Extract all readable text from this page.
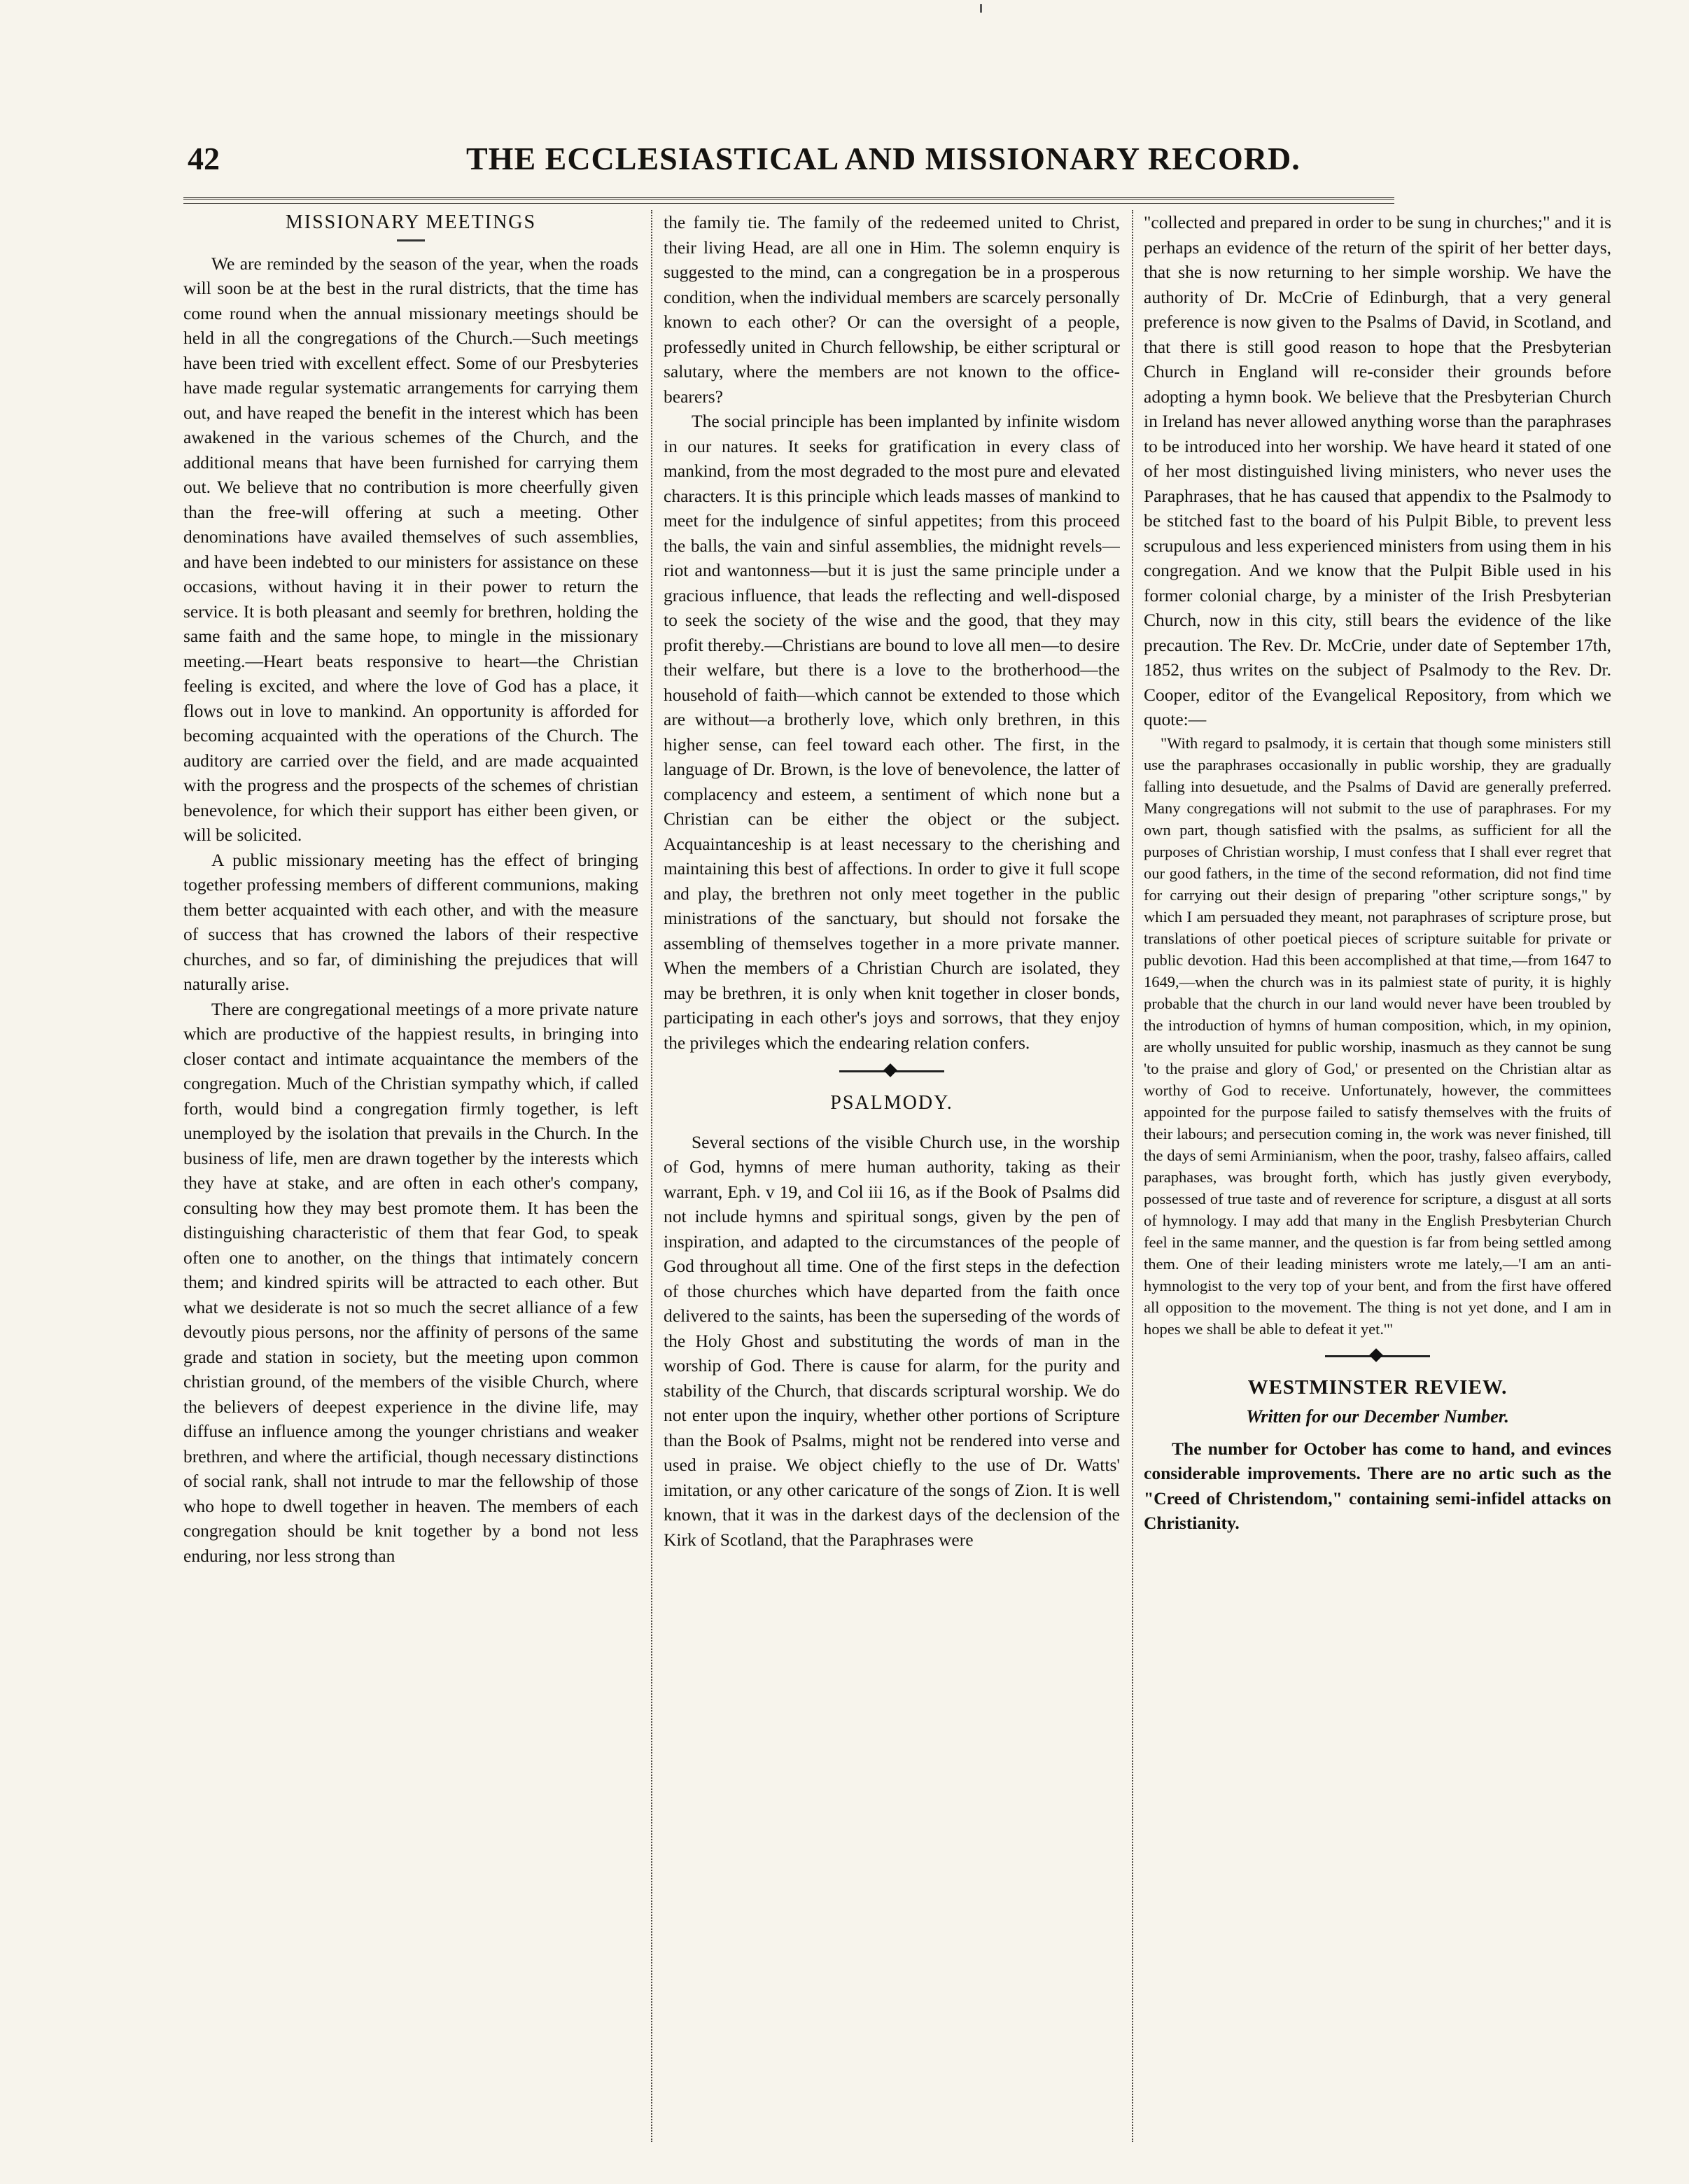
42	THE ECCLESIASTICAL AND MISSIONARY RECORD.
MISSIONARY MEETINGS

We are reminded by the season of the year, when the roads will soon be at the best in the rural districts, that the time has come round when the annual missionary meetings should be held in all the congregations of the Church.—Such meetings have been tried with excellent effect. Some of our Presbyteries have made regular systematic arrangements for carrying them out, and have reaped the benefit in the interest which has been awakened in the various schemes of the Church, and the additional means that have been furnished for carrying them out. We believe that no contribution is more cheerfully given than the free-will offering at such a meeting. Other denominations have availed themselves of such assemblies, and have been indebted to our ministers for assistance on these occasions, without having it in their power to return the service. It is both pleasant and seemly for brethren, holding the same faith and the same hope, to mingle in the missionary meeting.—Heart beats responsive to heart—the Christian feeling is excited, and where the love of God has a place, it flows out in love to mankind. An opportunity is afforded for becoming acquainted with the operations of the Church. The auditory are carried over the field, and are made acquainted with the progress and the prospects of the schemes of christian benevolence, for which their support has either been given, or will be solicited.

A public missionary meeting has the effect of bringing together professing members of different communions, making them better acquainted with each other, and with the measure of success that has crowned the labors of their respective churches, and so far, of diminishing the prejudices that will naturally arise.

There are congregational meetings of a more private nature which are productive of the happiest results, in bringing into closer contact and intimate acquaintance the members of the congregation. Much of the Christian sympathy which, if called forth, would bind a congregation firmly together, is left unemployed by the isolation that prevails in the Church. In the business of life, men are drawn together by the interests which they have at stake, and are often in each other's company, consulting how they may best promote them. It has been the distinguishing characteristic of them that fear God, to speak often one to another, on the things that intimately concern them; and kindred spirits will be attracted to each other. But what we desiderate is not so much the secret alliance of a few devoutly pious persons, nor the affinity of persons of the same grade and station in society, but the meeting upon common christian ground, of the members of the visible Church, where the believers of deepest experience in the divine life, may diffuse an influence among the younger christians and weaker brethren, and where the artificial, though necessary distinctions of social rank, shall not intrude to mar the fellowship of those who hope to dwell together in heaven. The members of each congregation should be knit together by a bond not less enduring, nor less strong than

the family tie. The family of the redeemed united to Christ, their living Head, are all one in Him. The solemn enquiry is suggested to the mind, can a congregation be in a prosperous condition, when the individual members are scarcely personally known to each other? Or can the oversight of a people, professedly united in Church fellowship, be either scriptural or salutary, where the members are not known to the office-bearers?

The social principle has been implanted by infinite wisdom in our natures. It seeks for gratification in every class of mankind, from the most degraded to the most pure and elevated characters. It is this principle which leads masses of mankind to meet for the indulgence of sinful appetites; from this proceed the balls, the vain and sinful assemblies, the midnight revels—riot and wantonness—but it is just the same principle under a gracious influence, that leads the reflecting and well-disposed to seek the society of the wise and the good, that they may profit thereby.—Christians are bound to love all men—to desire their welfare, but there is a love to the brotherhood—the household of faith—which cannot be extended to those which are without—a brotherly love, which only brethren, in this higher sense, can feel toward each other. The first, in the language of Dr. Brown, is the love of benevolence, the latter of complacency and esteem, a sentiment of which none but a Christian can be either the object or the subject. Acquaintanceship is at least necessary to the cherishing and maintaining this best of affections. In order to give it full scope and play, the brethren not only meet together in the public ministrations of the sanctuary, but should not forsake the assembling of themselves together in a more private manner. When the members of a Christian Church are isolated, they may be brethren, it is only when knit together in closer bonds, participating in each other's joys and sorrows, that they enjoy the privileges which the endearing relation confers.

PSALMODY.

Several sections of the visible Church use, in the worship of God, hymns of mere human authority, taking as their warrant, Eph. v 19, and Col iii 16, as if the Book of Psalms did not include hymns and spiritual songs, given by the pen of inspiration, and adapted to the circumstances of the people of God throughout all time. One of the first steps in the defection of those churches which have departed from the faith once delivered to the saints, has been the superseding of the words of the Holy Ghost and substituting the words of man in the worship of God. There is cause for alarm, for the purity and stability of the Church, that discards scriptural worship. We do not enter upon the inquiry, whether other portions of Scripture than the Book of Psalms, might not be rendered into verse and used in praise. We object chiefly to the use of Dr. Watts' imitation, or any other caricature of the songs of Zion. It is well known, that it was in the darkest days of the declension of the Kirk of Scotland, that the Paraphrases were

"collected and prepared in order to be sung in churches;" and it is perhaps an evidence of the return of the spirit of her better days, that she is now returning to her simple worship. We have the authority of Dr. McCrie of Edinburgh, that a very general preference is now given to the Psalms of David, in Scotland, and that there is still good reason to hope that the Presbyterian Church in England will re-consider their grounds before adopting a hymn book. We believe that the Presbyterian Church in Ireland has never allowed anything worse than the paraphrases to be introduced into her worship. We have heard it stated of one of her most distinguished living ministers, who never uses the Paraphrases, that he has caused that appendix to the Psalmody to be stitched fast to the board of his Pulpit Bible, to prevent less scrupulous and less experienced ministers from using them in his congregation. And we know that the Pulpit Bible used in his former colonial charge, by a minister of the Irish Presbyterian Church, now in this city, still bears the evidence of the like precaution. The Rev. Dr. McCrie, under date of September 17th, 1852, thus writes on the subject of Psalmody to the Rev. Dr. Cooper, editor of the Evangelical Repository, from which we quote:—

"With regard to psalmody, it is certain that though some ministers still use the paraphrases occasionally in public worship, they are gradually falling into desuetude, and the Psalms of David are generally preferred. Many congregations will not submit to the use of paraphrases. For my own part, though satisfied with the psalms, as sufficient for all the purposes of Christian worship, I must confess that I shall ever regret that our good fathers, in the time of the second reformation, did not find time for carrying out their design of preparing "other scripture songs," by which I am persuaded they meant, not paraphrases of scripture prose, but translations of other poetical pieces of scripture suitable for private or public devotion. Had this been accomplished at that time,—from 1647 to 1649,—when the church was in its palmiest state of purity, it is highly probable that the church in our land would never have been troubled by the introduction of hymns of human composition, which, in my opinion, are wholly unsuited for public worship, inasmuch as they cannot be sung 'to the praise and glory of God,' or presented on the Christian altar as worthy of God to receive. Unfortunately, however, the committees appointed for the purpose failed to satisfy themselves with the fruits of their labours; and persecution coming in, the work was never finished, till the days of semi Arminianism, when the poor, trashy, falseo affairs, called paraphases, was brought forth, which has justly given everybody, possessed of true taste and of reverence for scripture, a disgust at all sorts of hymnology. I may add that many in the English Presbyterian Church feel in the same manner, and the question is far from being settled among them. One of their leading ministers wrote me lately,—'I am an anti-hymnologist to the very top of your bent, and from the first have offered all opposition to the movement. The thing is not yet done, and I am in hopes we shall be able to defeat it yet.'"

WESTMINSTER REVIEW.
Written for our December Number.

The number for October has come to hand, and evinces considerable improvements. There are no artic such as the "Creed of Christendom," containing semi-infidel attacks on Christianity.
